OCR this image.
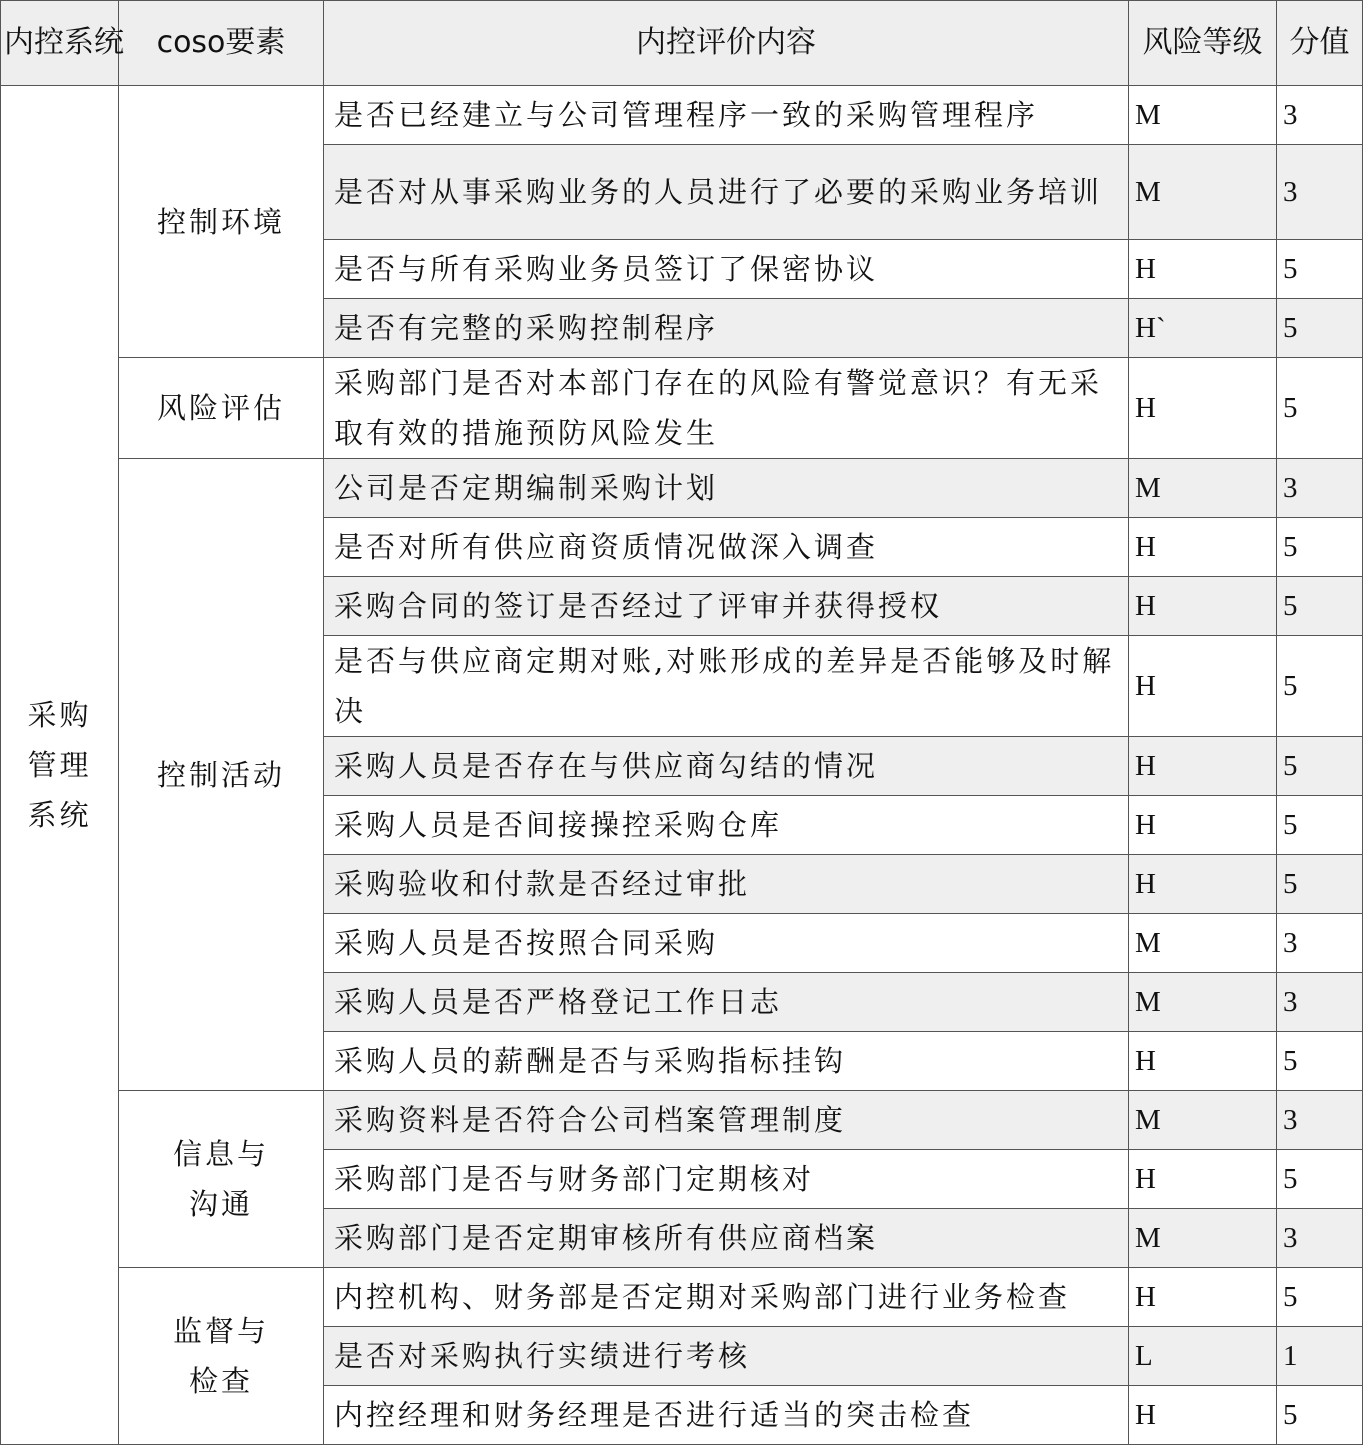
内控系统	coso要素	内控评价内容	风险等级	分值

采购管理系统	控制环境	是否已经建立与公司管理程序一致的采购管理程序	M	3
		是否对从事采购业务的人员进行了必要的采购业务培训	M	3
		是否与所有采购业务员签订了保密协议	H	5
		是否有完整的采购控制程序	H`	5
	风险评估	采购部门是否对本部门存在的风险有警觉意识？有无采取有效的措施预防风险发生	H	5
	控制活动	公司是否定期编制采购计划	M	3
		是否对所有供应商资质情况做深入调查	H	5
		采购合同的签订是否经过了评审并获得授权	H	5
		是否与供应商定期对账,对账形成的差异是否能够及时解决	H	5
		采购人员是否存在与供应商勾结的情况	H	5
		采购人员是否间接操控采购仓库	H	5
		采购验收和付款是否经过审批	H	5
		采购人员是否按照合同采购	M	3
		采购人员是否严格登记工作日志	M	3
		采购人员的薪酬是否与采购指标挂钩	H	5

	信息与沟通	采购资料是否符合公司档案管理制度	M	3
		采购部门是否与财务部门定期核对	H	5
		采购部门是否定期审核所有供应商档案	M	3

	监督与检查	内控机构、财务部是否定期对采购部门进行业务检查	H	5
		是否对采购执行实绩进行考核	L	1
		内控经理和财务经理是否进行适当的突击检查	H	5
